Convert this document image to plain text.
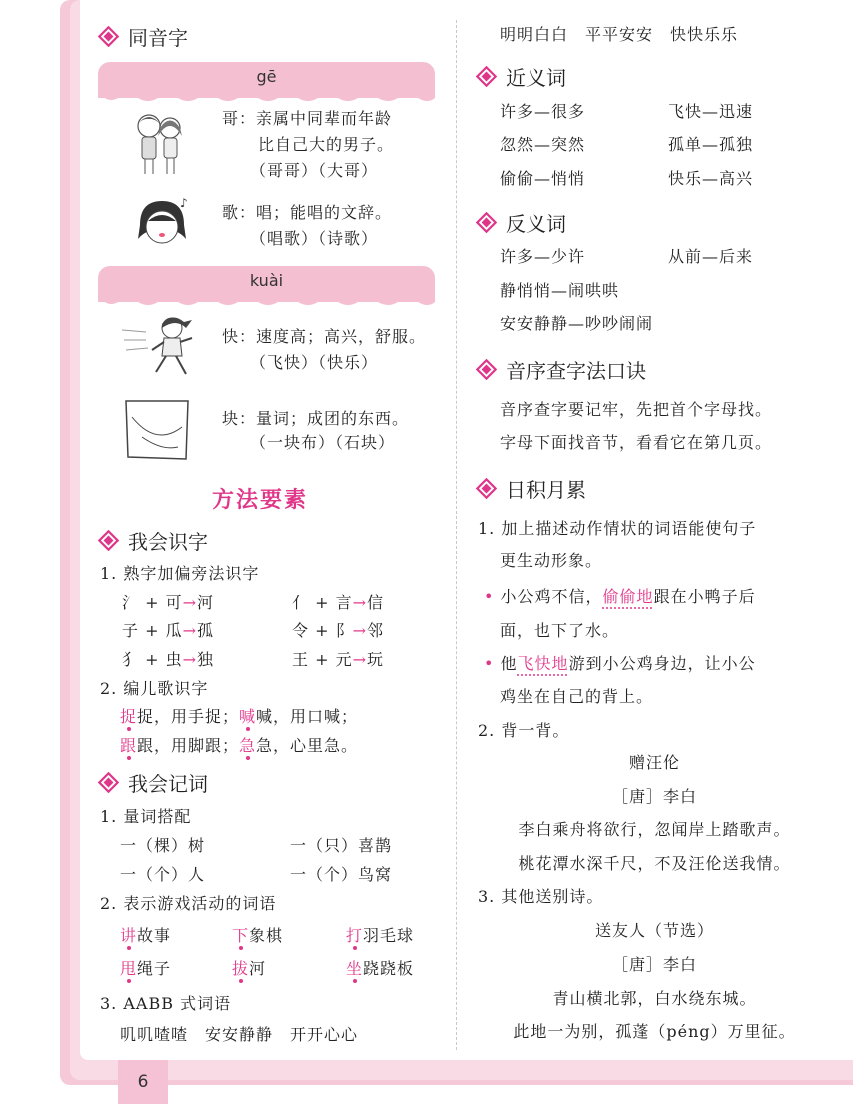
同音字
gē
哥：亲属中同辈而年龄
比自己大的男子。
（哥哥）（大哥）
♪ 歌：唱；能唱的文辞。
（唱歌）（诗歌）
kuài
快：速度高；高兴，舒服。
（飞快）（快乐）
块：量词；成团的东西。
（一块布）（石块）
方法要素
我会识字
1. 熟字加偏旁法识字
氵 + 可→河	亻 + 言→信
子 + 瓜→孤	令 + 阝→邻
犭 + 虫→独	王 + 元→玩
2. 编儿歌识字
捉捉，用手捉；喊喊，用口喊；
跟跟，用脚跟；急急，心里急。
我会记词
1. 量词搭配
一（棵）树	一（只）喜鹊
一（个）人	一（个）鸟窝
2. 表示游戏活动的词语
讲故事	下象棋	打羽毛球
甩绳子	拔河	坐跷跷板
3. AABB 式词语
叽叽喳喳　安安静静　开开心心
明明白白　平平安安　快快乐乐
近义词
许多—很多	飞快—迅速
忽然—突然	孤单—孤独
偷偷—悄悄	快乐—高兴
反义词
许多—少许	从前—后来
静悄悄—闹哄哄
安安静静—吵吵闹闹
音序查字法口诀
音序查字要记牢，先把首个字母找。
字母下面找音节，看看它在第几页。
日积月累
1. 加上描述动作情状的词语能使句子
更生动形象。
• 小公鸡不信，偷偷地跟在小鸭子后
面，也下了水。
• 他飞快地游到小公鸡身边，让小公
鸡坐在自己的背上。
2. 背一背。
赠汪伦
［唐］李白
李白乘舟将欲行，忽闻岸上踏歌声。
桃花潭水深千尺，不及汪伦送我情。
3. 其他送别诗。
送友人（节选）
［唐］李白
青山横北郭，白水绕东城。
此地一为别，孤蓬（péng）万里征。
6
